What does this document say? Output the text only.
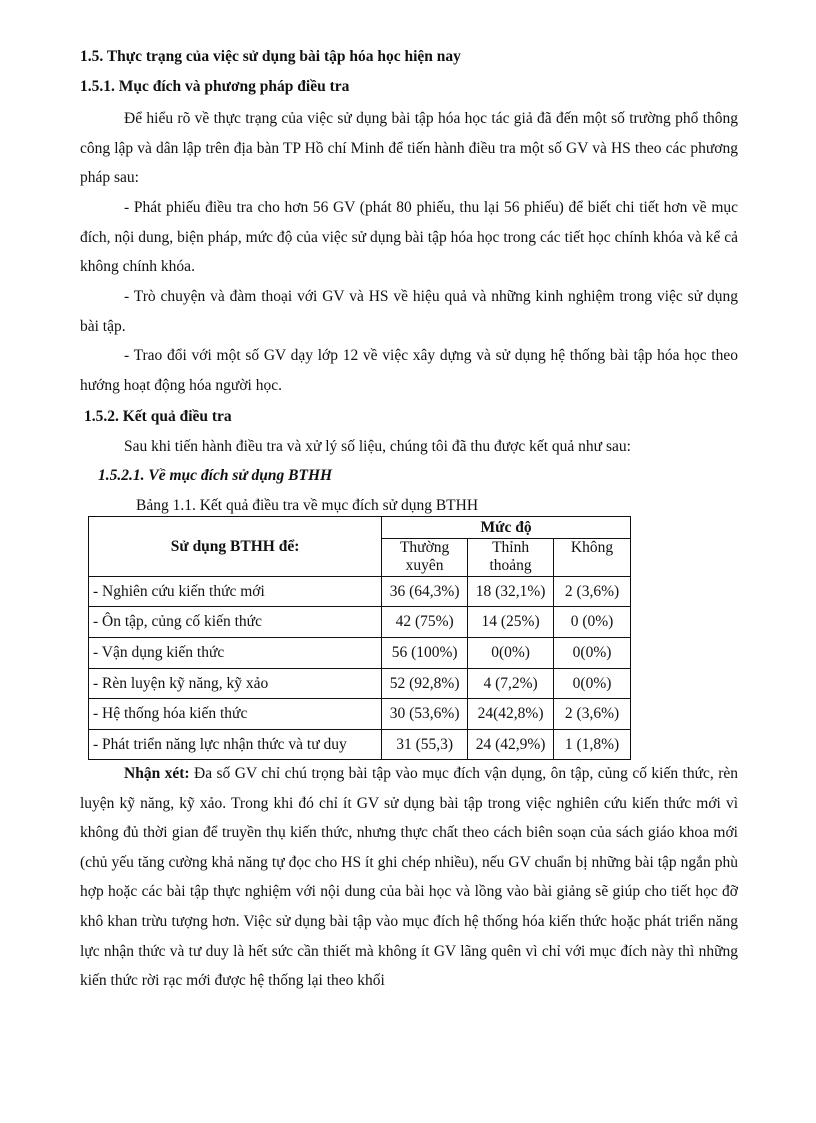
1.5. Thực trạng của việc sử dụng bài tập hóa học hiện nay
1.5.1. Mục đích và phương pháp điều tra
Để hiểu rõ về thực trạng của việc sử dụng bài tập hóa học tác giả đã đến một số trường phổ thông công lập và dân lập trên địa bàn TP Hồ chí Minh để tiến hành điều tra một số GV và HS theo các phương pháp sau:
- Phát phiếu điều tra cho hơn 56 GV (phát 80 phiếu, thu lại 56 phiếu) để biết chi tiết hơn về mục đích, nội dung, biện pháp, mức độ của việc sử dụng bài tập hóa học trong các tiết học chính khóa và kể cả không chính khóa.
- Trò chuyện và đàm thoại với GV và HS về hiệu quả và những kinh nghiệm trong việc sử dụng bài tập.
- Trao đổi với một số GV dạy lớp 12 về việc xây dựng và sử dụng hệ thống bài tập hóa học theo hướng hoạt động hóa người học.
1.5.2. Kết quả điều tra
Sau khi tiến hành điều tra và xử lý số liệu, chúng tôi đã thu được kết quả như sau:
1.5.2.1. Về mục đích sử dụng BTHH
Bảng 1.1. Kết quả điều tra về mục đích sử dụng BTHH
Sử dụng BTHH để:	Mức độ		
	Thường xuyên	Thỉnh thoảng	Không
- Nghiên cứu kiến thức mới	36 (64,3%)	18 (32,1%)	2 (3,6%)
- Ôn tập, củng cố kiến thức	42 (75%)	14 (25%)	0 (0%)
- Vận dụng kiến thức	56 (100%)	0(0%)	0(0%)
- Rèn luyện kỹ năng, kỹ xảo	52 (92,8%)	4 (7,2%)	0(0%)
- Hệ thống hóa kiến thức	30 (53,6%)	24(42,8%)	2 (3,6%)
- Phát triển năng lực nhận thức và tư duy	31 (55,3)	24 (42,9%)	1 (1,8%)
Nhận xét: Đa số GV chỉ chú trọng bài tập vào mục đích vận dụng, ôn tập, củng cố kiến thức, rèn luyện kỹ năng, kỹ xảo. Trong khi đó chỉ ít GV sử dụng bài tập trong việc nghiên cứu kiến thức mới vì không đủ thời gian để truyền thụ kiến thức, nhưng thực chất theo cách biên soạn của sách giáo khoa mới (chủ yếu tăng cường khả năng tự đọc cho HS ít ghi chép nhiều), nếu GV chuẩn bị những bài tập ngắn phù hợp hoặc các bài tập thực nghiệm với nội dung của bài học và lồng vào bài giảng sẽ giúp cho tiết học đỡ khô khan trừu tượng hơn. Việc sử dụng bài tập vào mục đích hệ thống hóa kiến thức hoặc phát triển năng lực nhận thức và tư duy là hết sức cần thiết mà không ít GV lãng quên vì chỉ với mục đích này thì những kiến thức rời rạc mới được hệ thống lại theo khối
